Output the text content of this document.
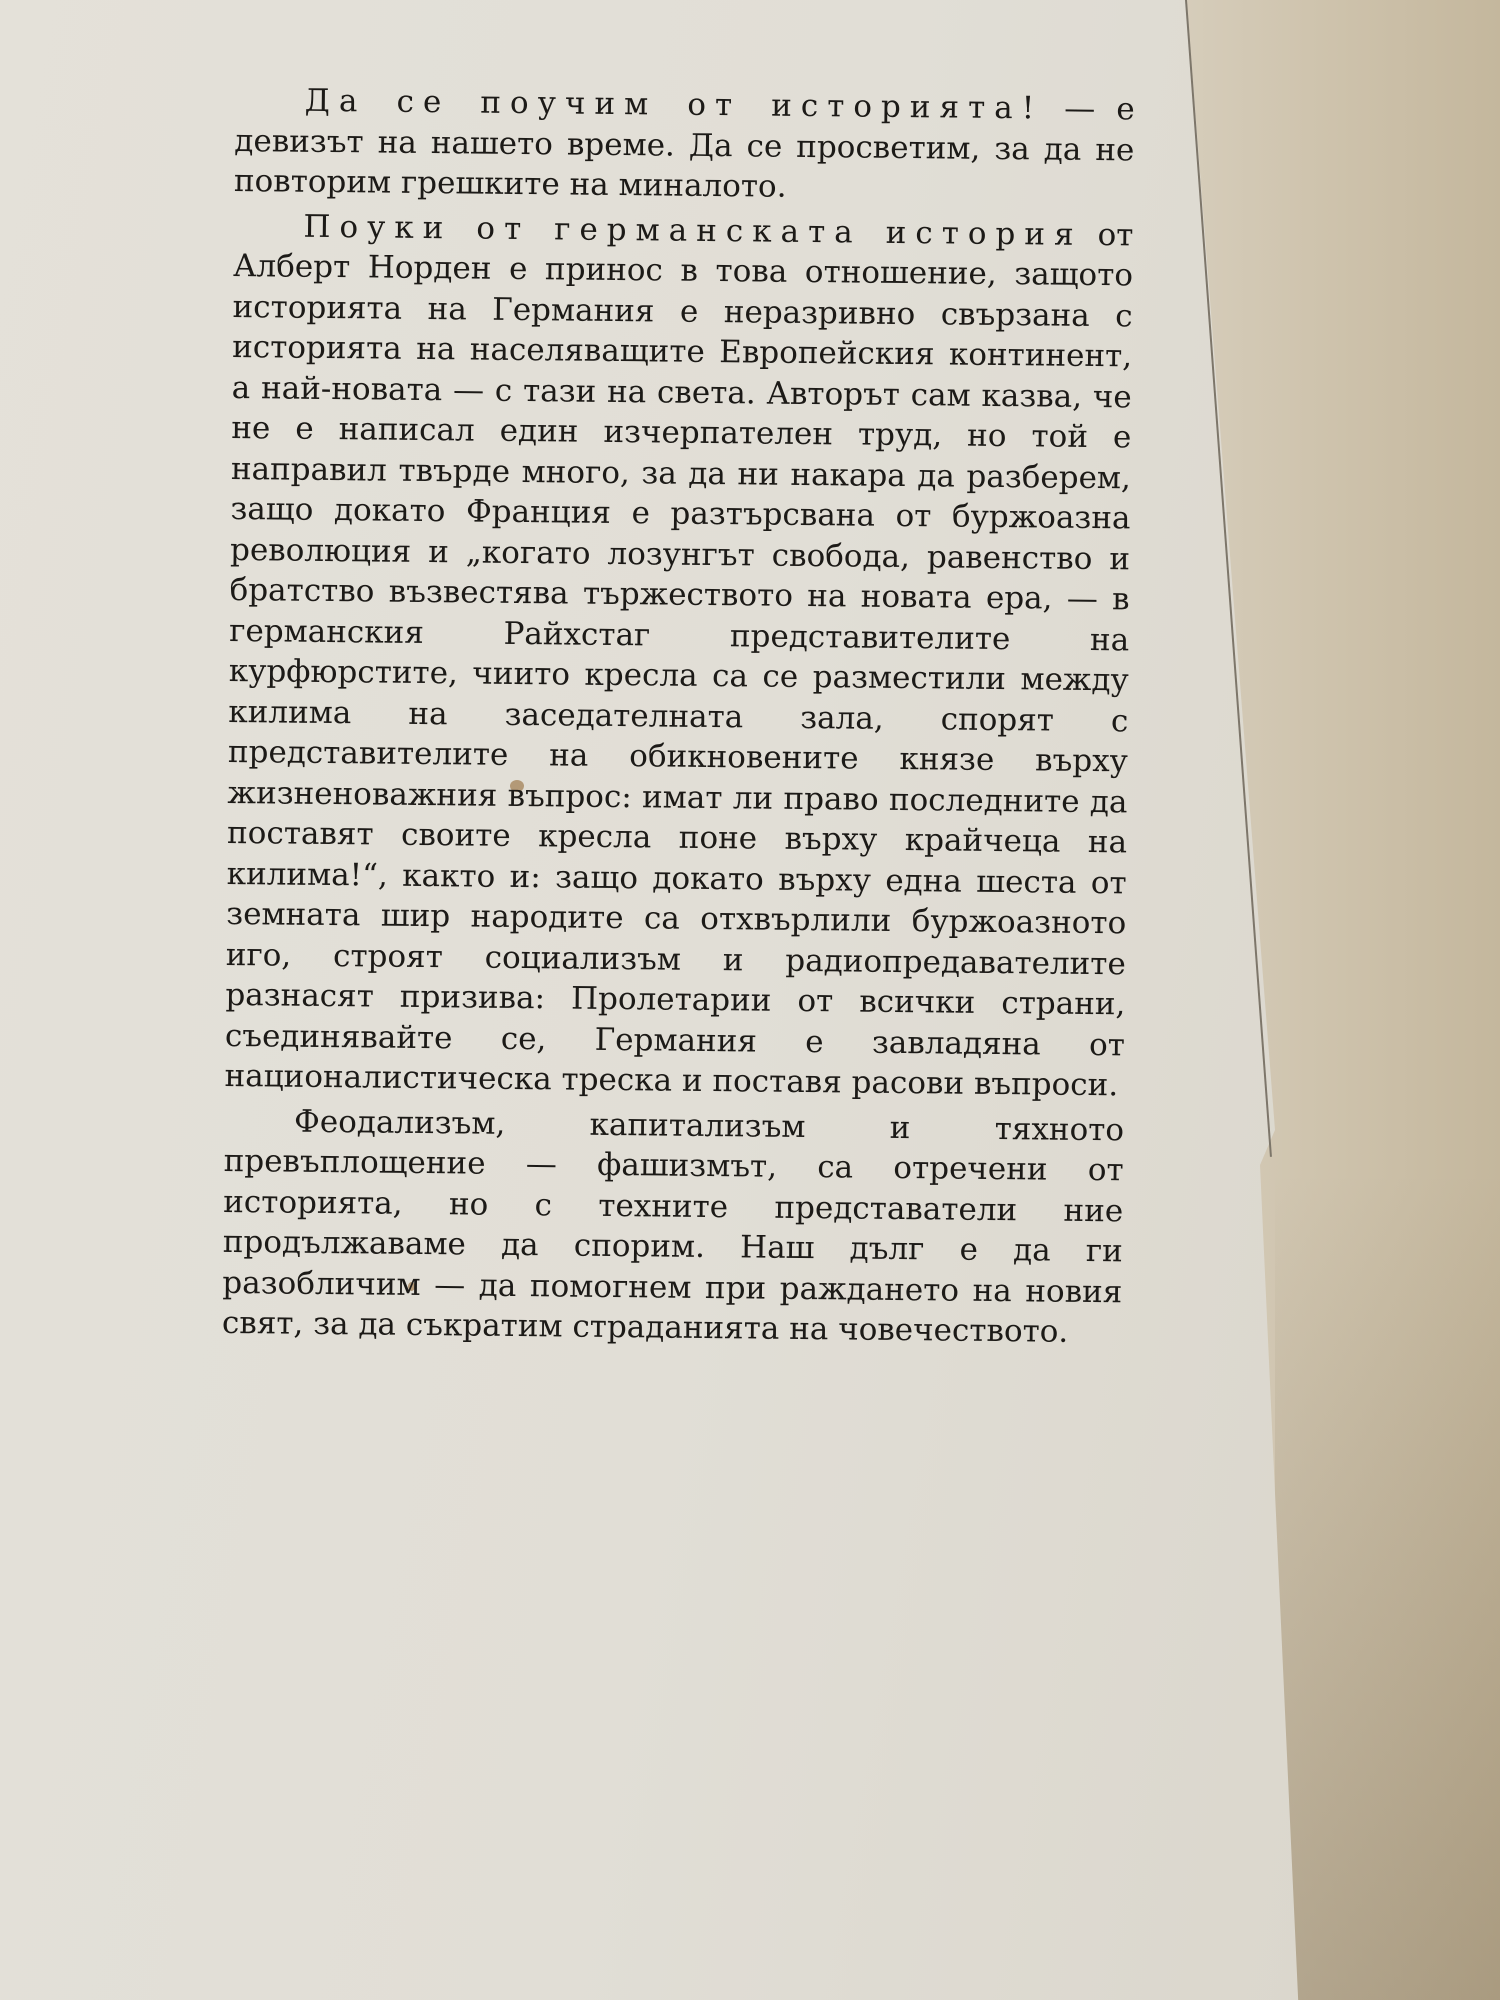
Да се поучим от историята! — е девизът на нашето време. Да се просветим, за да не повторим грешките на миналото.

Поуки от германската история от Алберт Норден е принос в това отношение, защото историята на Германия е неразривно свързана с историята на населяващите Европейския континент, а най-новата — с тази на света. Авторът сам казва, че не е написал един изчерпателен труд, но той е направил твърде много, за да ни накара да разберем, защо докато Франция е разтърсвана от буржоазна революция и „когато лозунгът свобода, равенство и братство възвестява тържеството на новата ера, — в германския Райхстаг представителите на курфюрстите, чиито кресла са се разместили между килима на заседателната зала, спорят с представителите на обикновените князе върху жизненоважния въпрос: имат ли право последните да поставят своите кресла поне върху крайчеца на килима!“, както и: защо докато върху една шеста от земната шир народите са отхвърлили буржоазното иго, строят социализъм и радиопредавателите разнасят призива: Пролетарии от всички страни, съединявайте се, Германия е завладяна от националистическа треска и поставя расови въпроси.

Феодализъм, капитализъм и тяхното превъплощение — фашизмът, са отречени от историята, но с техните представатели ние продължаваме да спорим. Наш дълг е да ги разобличим — да помогнем при раждането на новия свят, за да съкратим страданията на човечеството.
